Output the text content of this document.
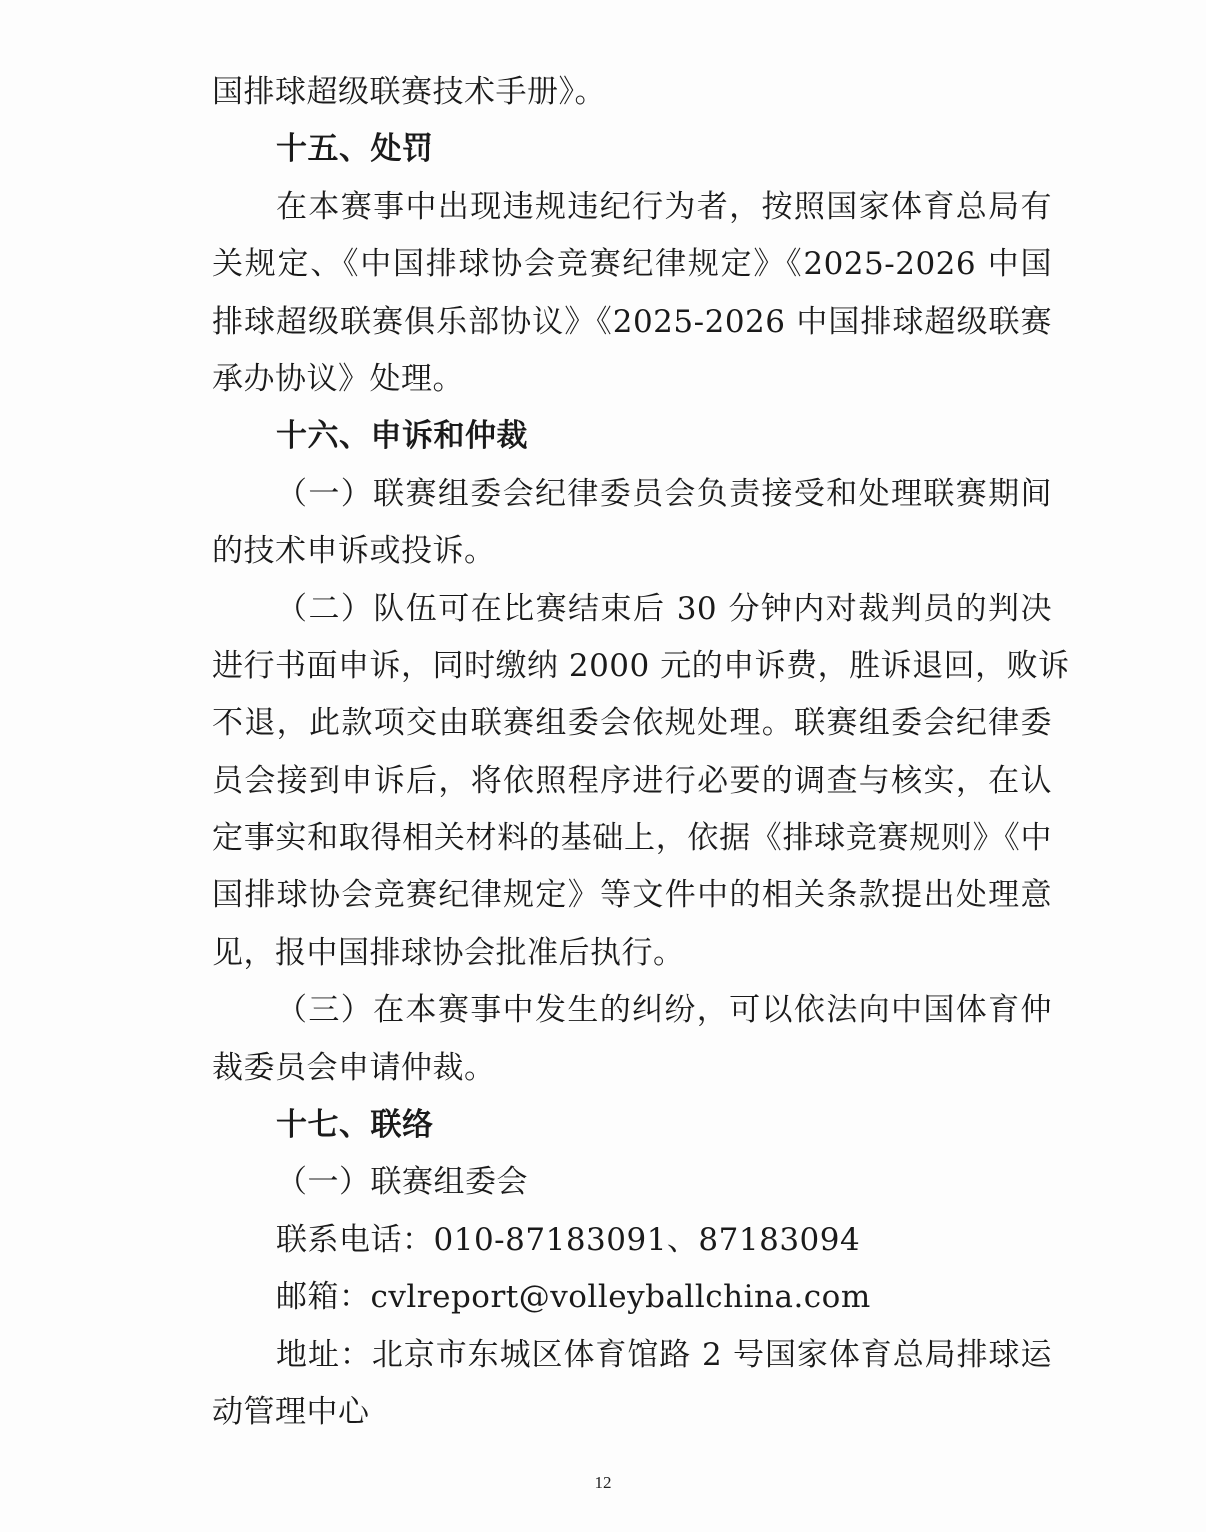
国排球超级联赛技术手册》。
十五、处罚
在本赛事中出现违规违纪行为者，按照国家体育总局有
关规定、《中国排球协会竞赛纪律规定》《2025-2026 中国
排球超级联赛俱乐部协议》《2025-2026 中国排球超级联赛
承办协议》处理。
十六、申诉和仲裁
（一）联赛组委会纪律委员会负责接受和处理联赛期间
的技术申诉或投诉。
（二）队伍可在比赛结束后 30 分钟内对裁判员的判决
进行书面申诉，同时缴纳 2000 元的申诉费，胜诉退回，败诉
不退，此款项交由联赛组委会依规处理。联赛组委会纪律委
员会接到申诉后，将依照程序进行必要的调查与核实，在认
定事实和取得相关材料的基础上，依据《排球竞赛规则》《中
国排球协会竞赛纪律规定》等文件中的相关条款提出处理意
见，报中国排球协会批准后执行。
（三）在本赛事中发生的纠纷，可以依法向中国体育仲
裁委员会申请仲裁。
十七、联络
（一）联赛组委会
联系电话：010-87183091、87183094
邮箱：cvlreport@volleyballchina.com
地址：北京市东城区体育馆路 2 号国家体育总局排球运
动管理中心
12
